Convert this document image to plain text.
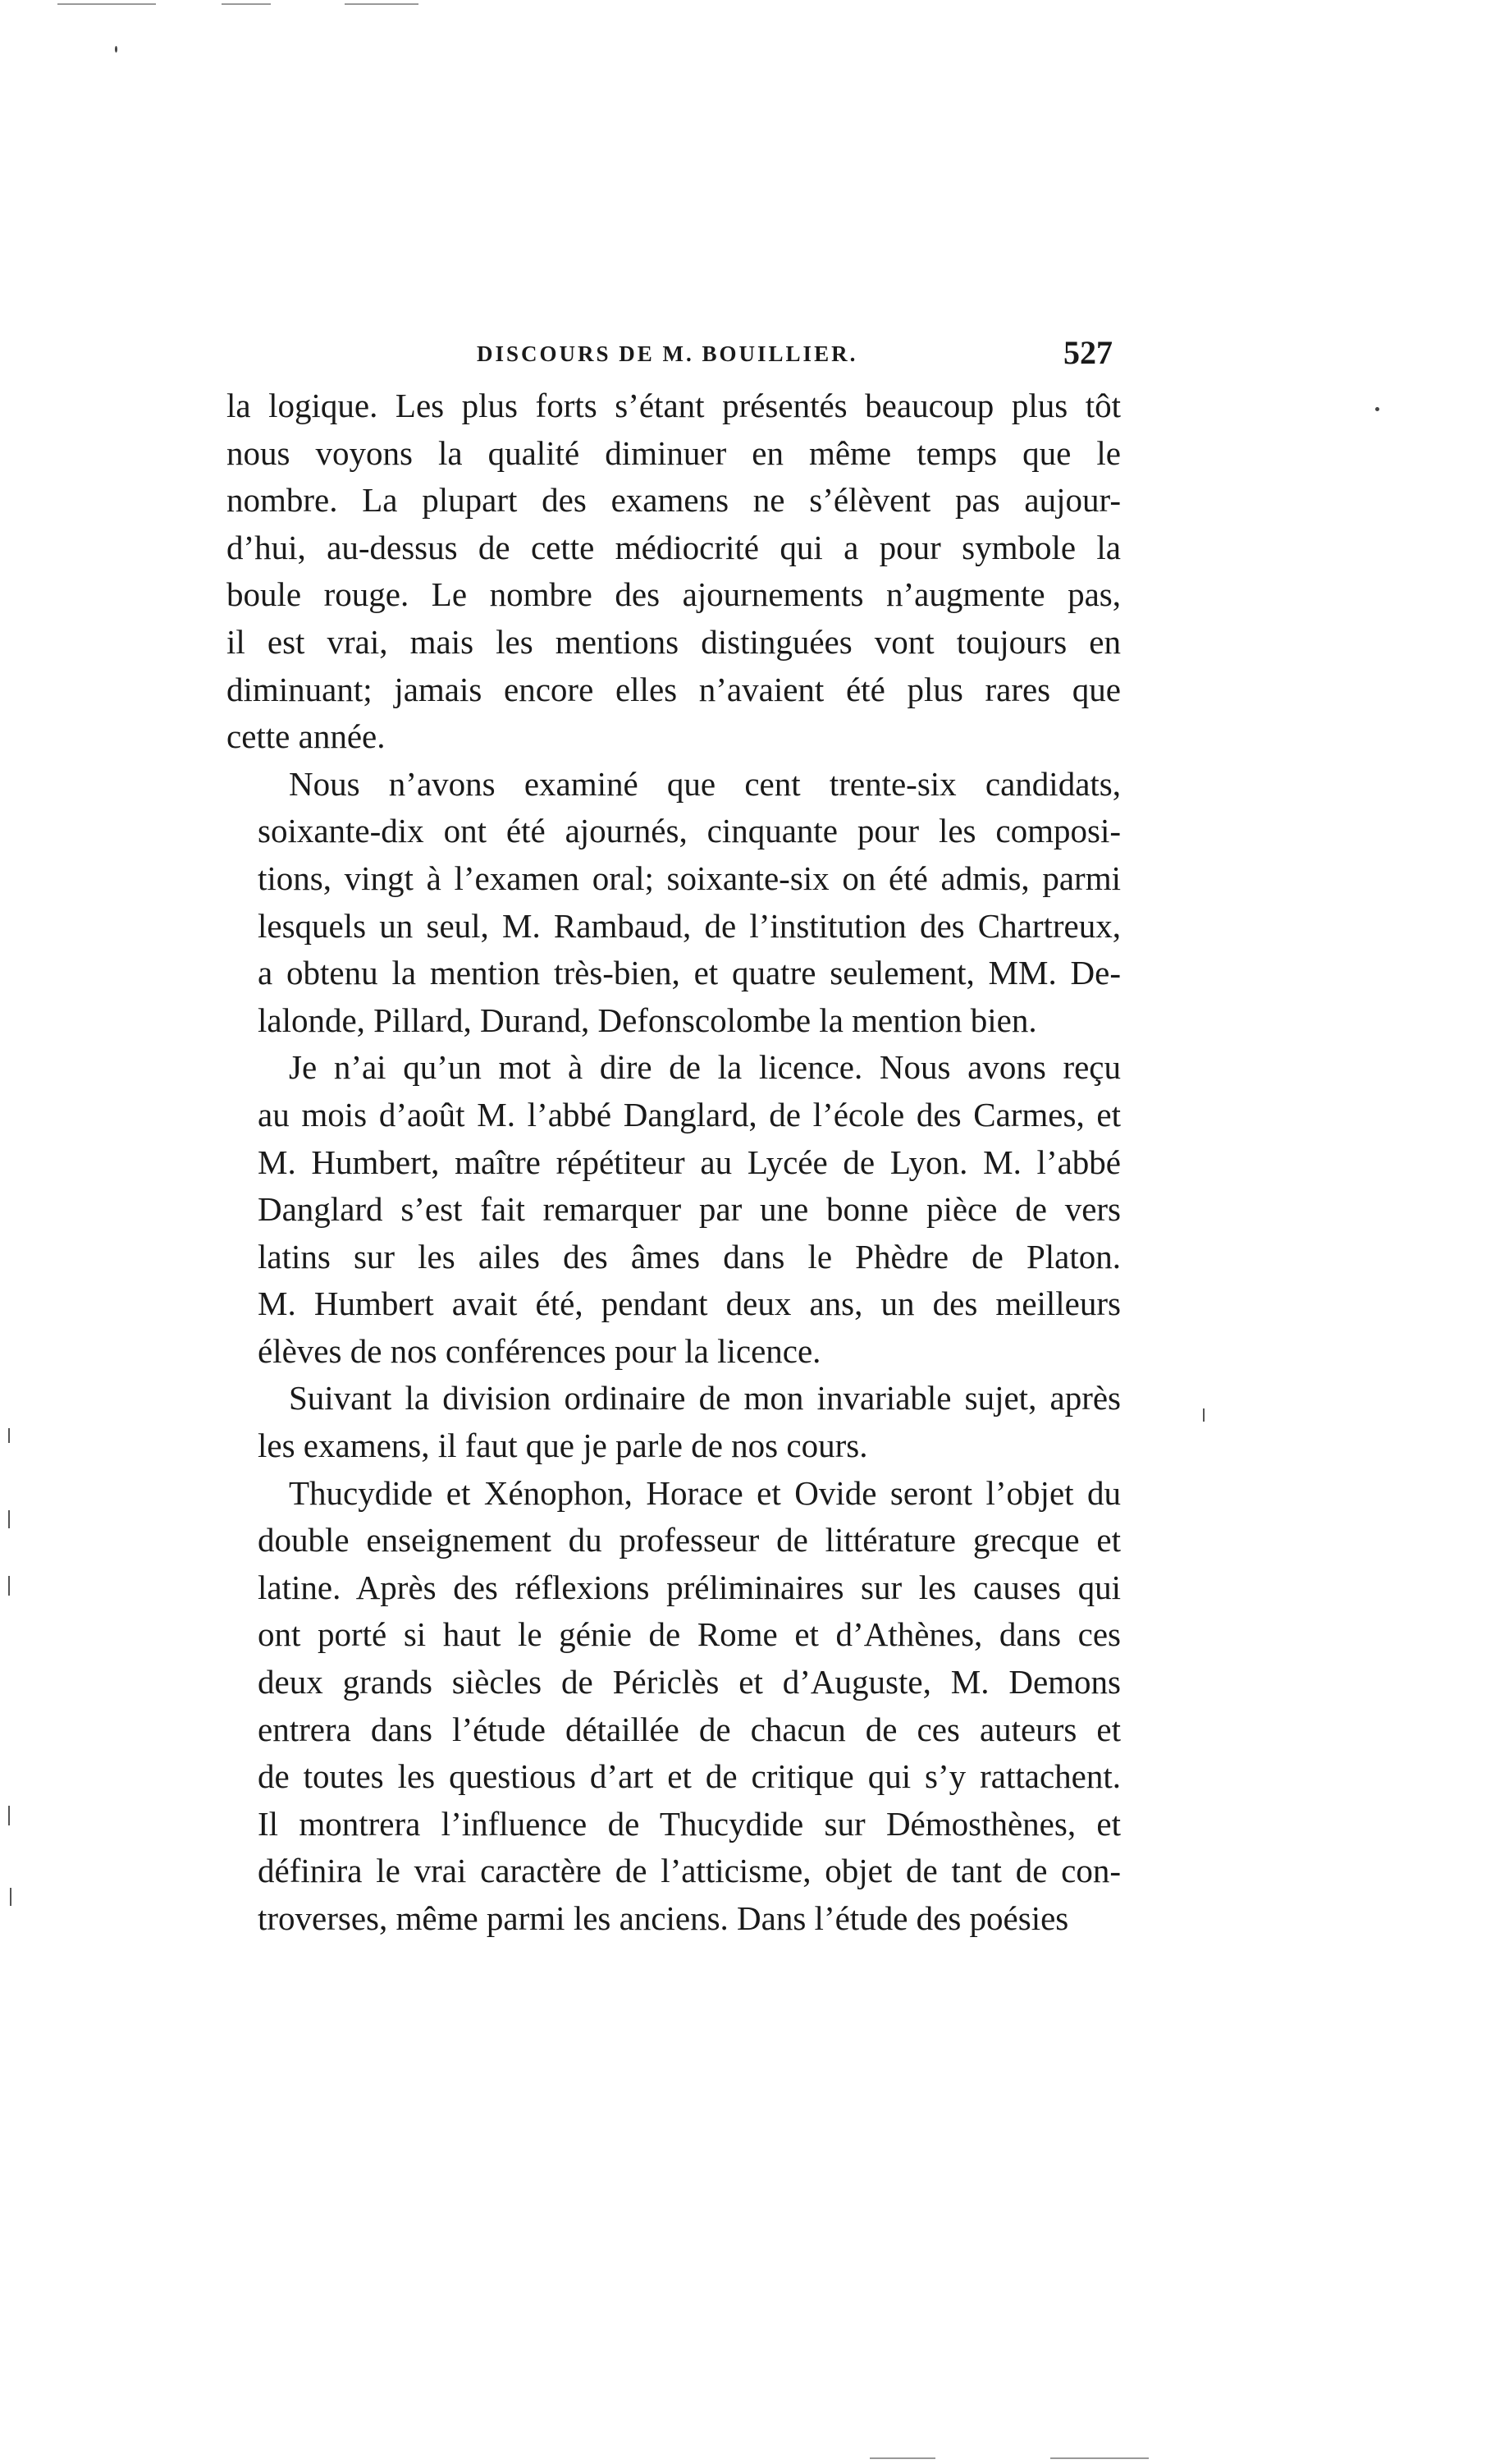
DISCOURS DE M. BOUILLIER.	527

la logique. Les plus forts s’étant présentés beaucoup plus tôt
nous voyons la qualité diminuer en même temps que le
nombre. La plupart des examens ne s’élèvent pas aujour-
d’hui, au-dessus de cette médiocrité qui a pour symbole la
boule rouge. Le nombre des ajournements n’augmente pas,
il est vrai, mais les mentions distinguées vont toujours en
diminuant; jamais encore elles n’avaient été plus rares que
cette année.

Nous n’avons examiné que cent trente-six candidats,
soixante-dix ont été ajournés, cinquante pour les composi-
tions, vingt à l’examen oral; soixante-six on été admis, parmi
lesquels un seul, M. Rambaud, de l’institution des Chartreux,
a obtenu la mention très-bien, et quatre seulement, MM. De-
lalonde, Pillard, Durand, Defonscolombe la mention bien.

Je n’ai qu’un mot à dire de la licence. Nous avons reçu
au mois d’août M. l’abbé Danglard, de l’école des Carmes, et
M. Humbert, maître répétiteur au Lycée de Lyon. M. l’abbé
Danglard s’est fait remarquer par une bonne pièce de vers
latins sur les ailes des âmes dans le Phèdre de Platon.
M. Humbert avait été, pendant deux ans, un des meilleurs
élèves de nos conférences pour la licence.

Suivant la division ordinaire de mon invariable sujet, après
les examens, il faut que je parle de nos cours.

Thucydide et Xénophon, Horace et Ovide seront l’objet du
double enseignement du professeur de littérature grecque et
latine. Après des réflexions préliminaires sur les causes qui
ont porté si haut le génie de Rome et d’Athènes, dans ces
deux grands siècles de Périclès et d’Auguste, M. Demons
entrera dans l’étude détaillée de chacun de ces auteurs et
de toutes les questious d’art et de critique qui s’y rattachent.
Il montrera l’influence de Thucydide sur Démosthènes, et
définira le vrai caractère de l’atticisme, objet de tant de con-
troverses, même parmi les anciens. Dans l’étude des poésies
